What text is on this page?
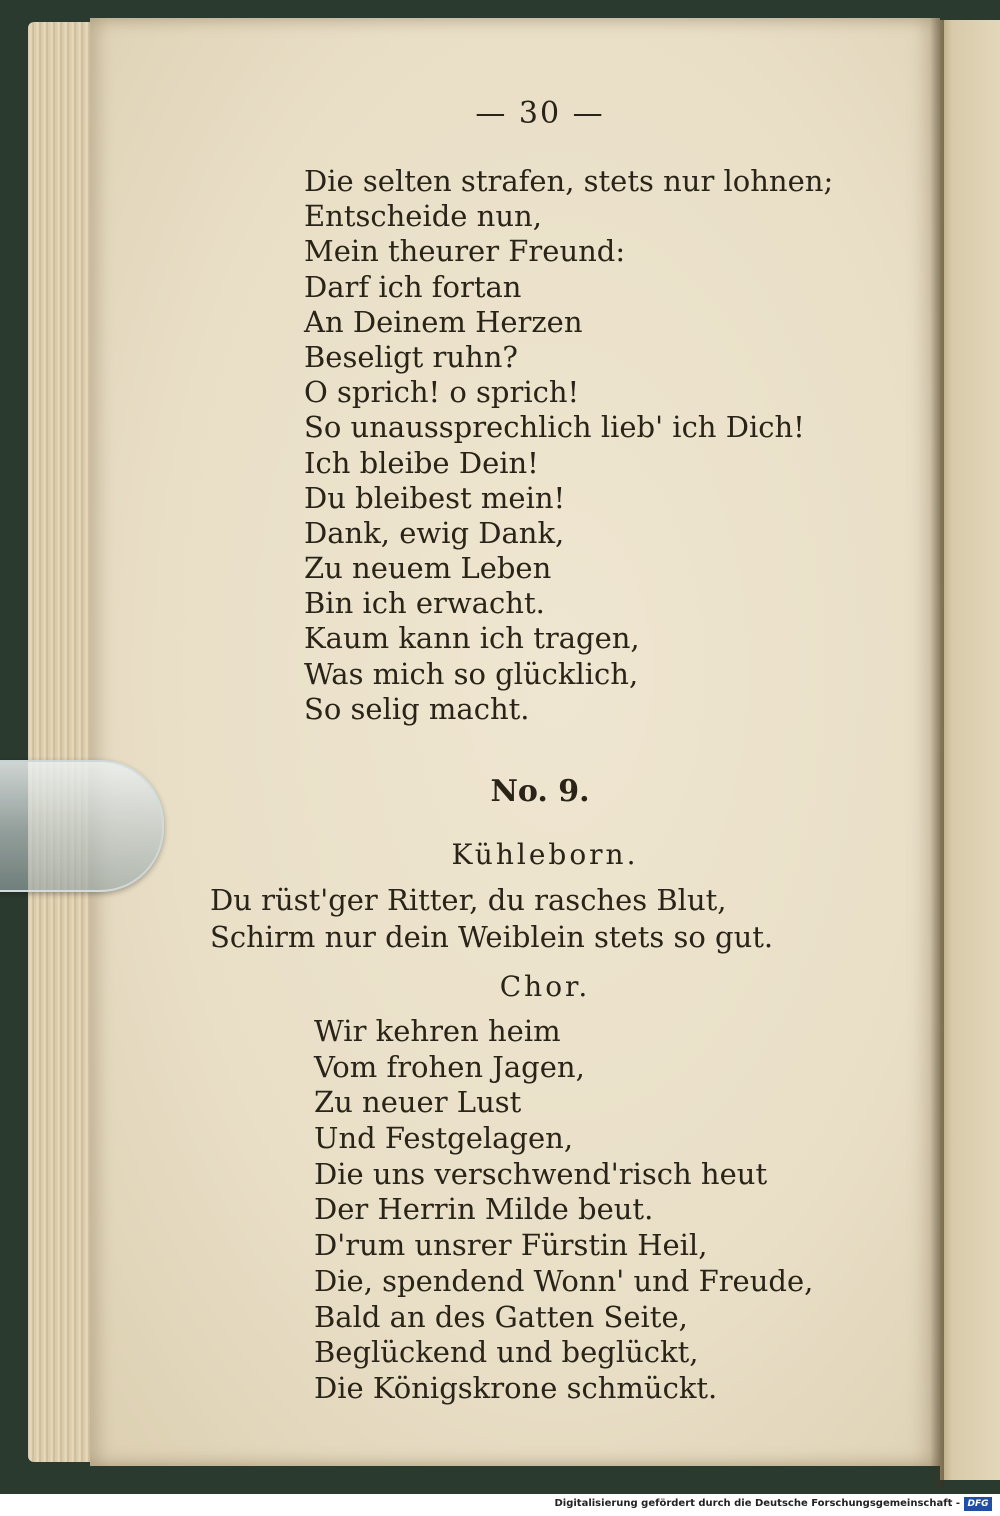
— 30 —
Die selten strafen, stets nur lohnen;
Entscheide nun,
Mein theurer Freund:
Darf ich fortan
An Deinem Herzen
Beseligt ruhn?
O sprich! o sprich!
So unaussprechlich lieb' ich Dich!
Ich bleibe Dein!
Du bleibest mein!
Dank, ewig Dank,
Zu neuem Leben
Bin ich erwacht.
Kaum kann ich tragen,
Was mich so glücklich,
So selig macht.
No. 9.
Kühleborn.
Du rüst'ger Ritter, du rasches Blut,
Schirm nur dein Weiblein stets so gut.
Chor.
Wir kehren heim
Vom frohen Jagen,
Zu neuer Lust
Und Festgelagen,
Die uns verschwend'risch heut
Der Herrin Milde beut.
D'rum unsrer Fürstin Heil,
Die, spendend Wonn' und Freude,
Bald an des Gatten Seite,
Beglückend und beglückt,
Die Königskrone schmückt.
Digitalisierung gefördert durch die Deutsche Forschungsgemeinschaft - DFG
